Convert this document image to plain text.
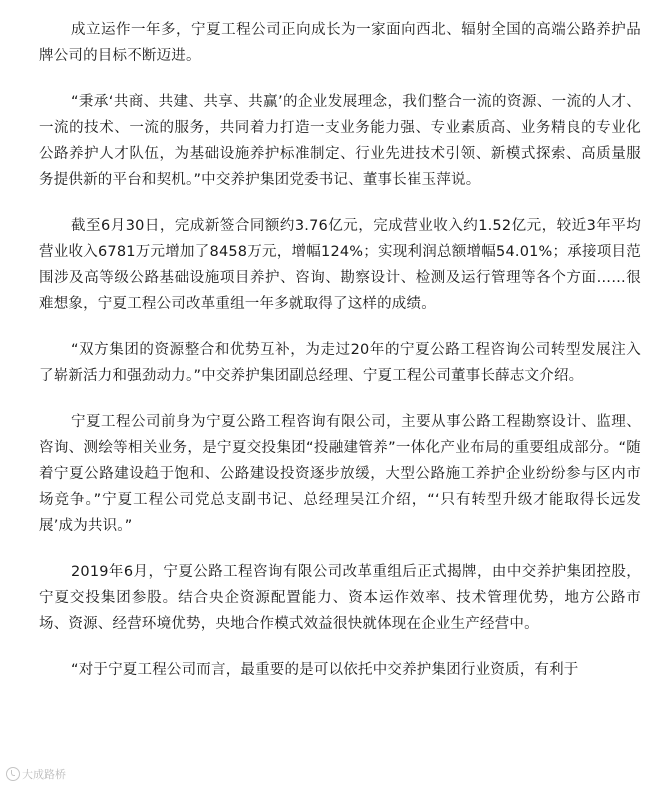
成立运作一年多，宁夏工程公司正向成长为一家面向西北、辐射全国的高端公路养护品牌公司的目标不断迈进。

“秉承‘共商、共建、共享、共赢’的企业发展理念，我们整合一流的资源、一流的人才、一流的技术、一流的服务，共同着力打造一支业务能力强、专业素质高、业务精良的专业化公路养护人才队伍，为基础设施养护标准制定、行业先进技术引领、新模式探索、高质量服务提供新的平台和契机。”中交养护集团党委书记、董事长崔玉萍说。

截至6月30日，完成新签合同额约3.76亿元，完成营业收入约1.52亿元，较近3年平均营业收入6781万元增加了8458万元，增幅124%；实现利润总额增幅54.01%；承接项目范围涉及高等级公路基础设施项目养护、咨询、勘察设计、检测及运行管理等各个方面……很难想象，宁夏工程公司改革重组一年多就取得了这样的成绩。

“双方集团的资源整合和优势互补，为走过20年的宁夏公路工程咨询公司转型发展注入了崭新活力和强劲动力。”中交养护集团副总经理、宁夏工程公司董事长薛志文介绍。

宁夏工程公司前身为宁夏公路工程咨询有限公司，主要从事公路工程勘察设计、监理、咨询、测绘等相关业务，是宁夏交投集团“投融建管养”一体化产业布局的重要组成部分。“随着宁夏公路建设趋于饱和、公路建设投资逐步放缓，大型公路施工养护企业纷纷参与区内市场竞争。”宁夏工程公司党总支副书记、总经理吴江介绍，“‘只有转型升级才能取得长远发展’成为共识。”

2019年6月，宁夏公路工程咨询有限公司改革重组后正式揭牌，由中交养护集团控股，宁夏交投集团参股。结合央企资源配置能力、资本运作效率、技术管理优势，地方公路市场、资源、经营环境优势，央地合作模式效益很快就体现在企业生产经营中。

“对于宁夏工程公司而言，最重要的是可以依托中交养护集团行业资质，有利于

大成路桥
